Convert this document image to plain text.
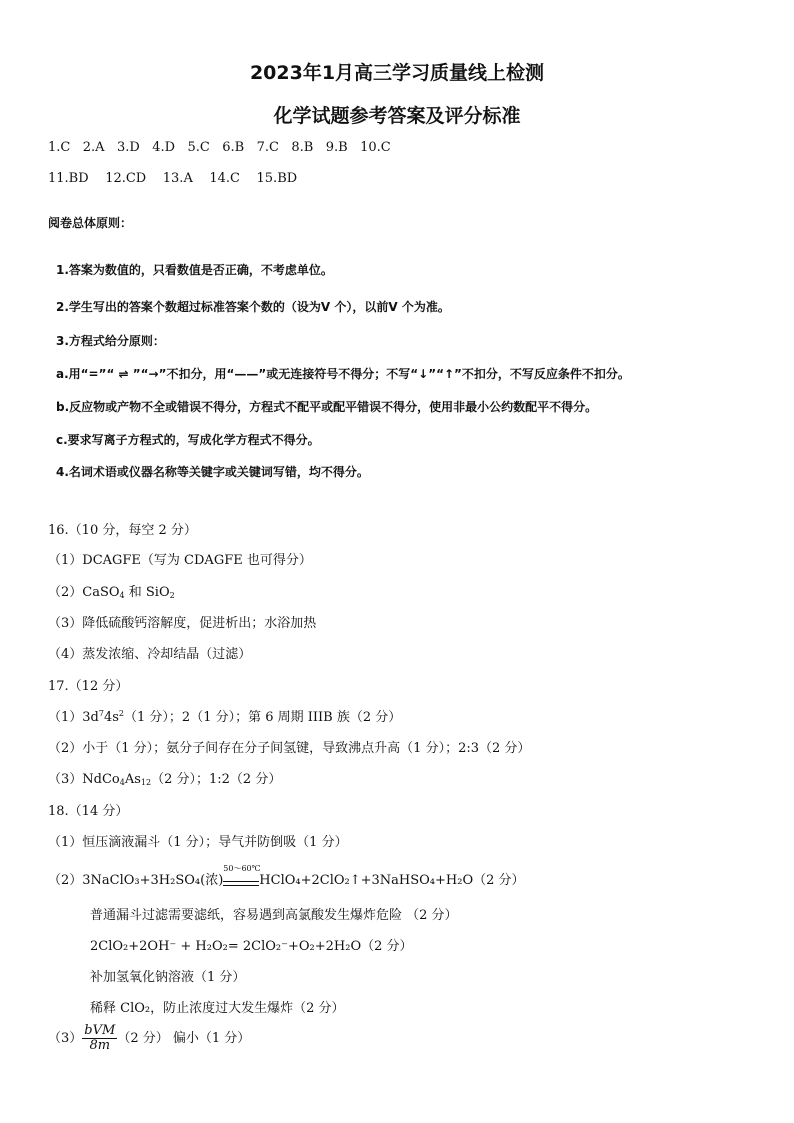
2023年1月高三学习质量线上检测
化学试题参考答案及评分标准
1.C 2.A 3.D 4.D 5.C 6.B 7.C 8.B 9.B 10.C
11.BD 12.CD 13.A 14.C 15.BD
阅卷总体原则：
1.答案为数值的，只看数值是否正确，不考虑单位。
2.学生写出的答案个数超过标准答案个数的（设为V 个），以前V 个为准。
3.方程式给分原则：
a.用“=”“ ⇌ ”“→”不扣分，用“——”或无连接符号不得分；不写“↓”“↑”不扣分，不写反应条件不扣分。
b.反应物或产物不全或错误不得分，方程式不配平或配平错误不得分，使用非最小公约数配平不得分。
c.要求写离子方程式的，写成化学方程式不得分。
4.名词术语或仪器名称等关键字或关键词写错，均不得分。
16.（10 分，每空 2 分）
（1）DCAGFE（写为 CDAGFE 也可得分）
（2）CaSO$_4$ 和 SiO$_2$
（3）降低硫酸钙溶解度，促进析出；水浴加热
（4）蒸发浓缩、冷却结晶（过滤）
17.（12 分）
$(1)3d^74s^2(1$ 分）；2（1 分）；第 6 周期 IIIB 族（2 分）
（2）小于（1 分）；氨分子间存在分子间氢键，导致沸点升高（1 分）；2:3（2 分）
$(3)NdCo_4As_{12}(2$ 分）；1:2（2 分）
18.（14 分）
（1）恒压滴液漏斗（1 分）；导气并防倒吸（1 分）
（2）3NaClO₃+3H₂SO₄(浓)
50～60℃
HClO₄+2ClO₂↑+3NaHSO₄+H₂O（2 分）
普通漏斗过滤需要滤纸，容易遇到高氯酸发生爆炸危险 （2 分）
2ClO₂+2OH⁻ + H₂O₂= 2ClO₂⁻+O₂+2H₂O（2 分）
补加氢氧化钠溶液（1 分）
稀释 ClO₂，防止浓度过大发生爆炸（2 分）
$(3) \frac{\text{bVM}}{8m} (2$ 分） 偏小（1 分）
